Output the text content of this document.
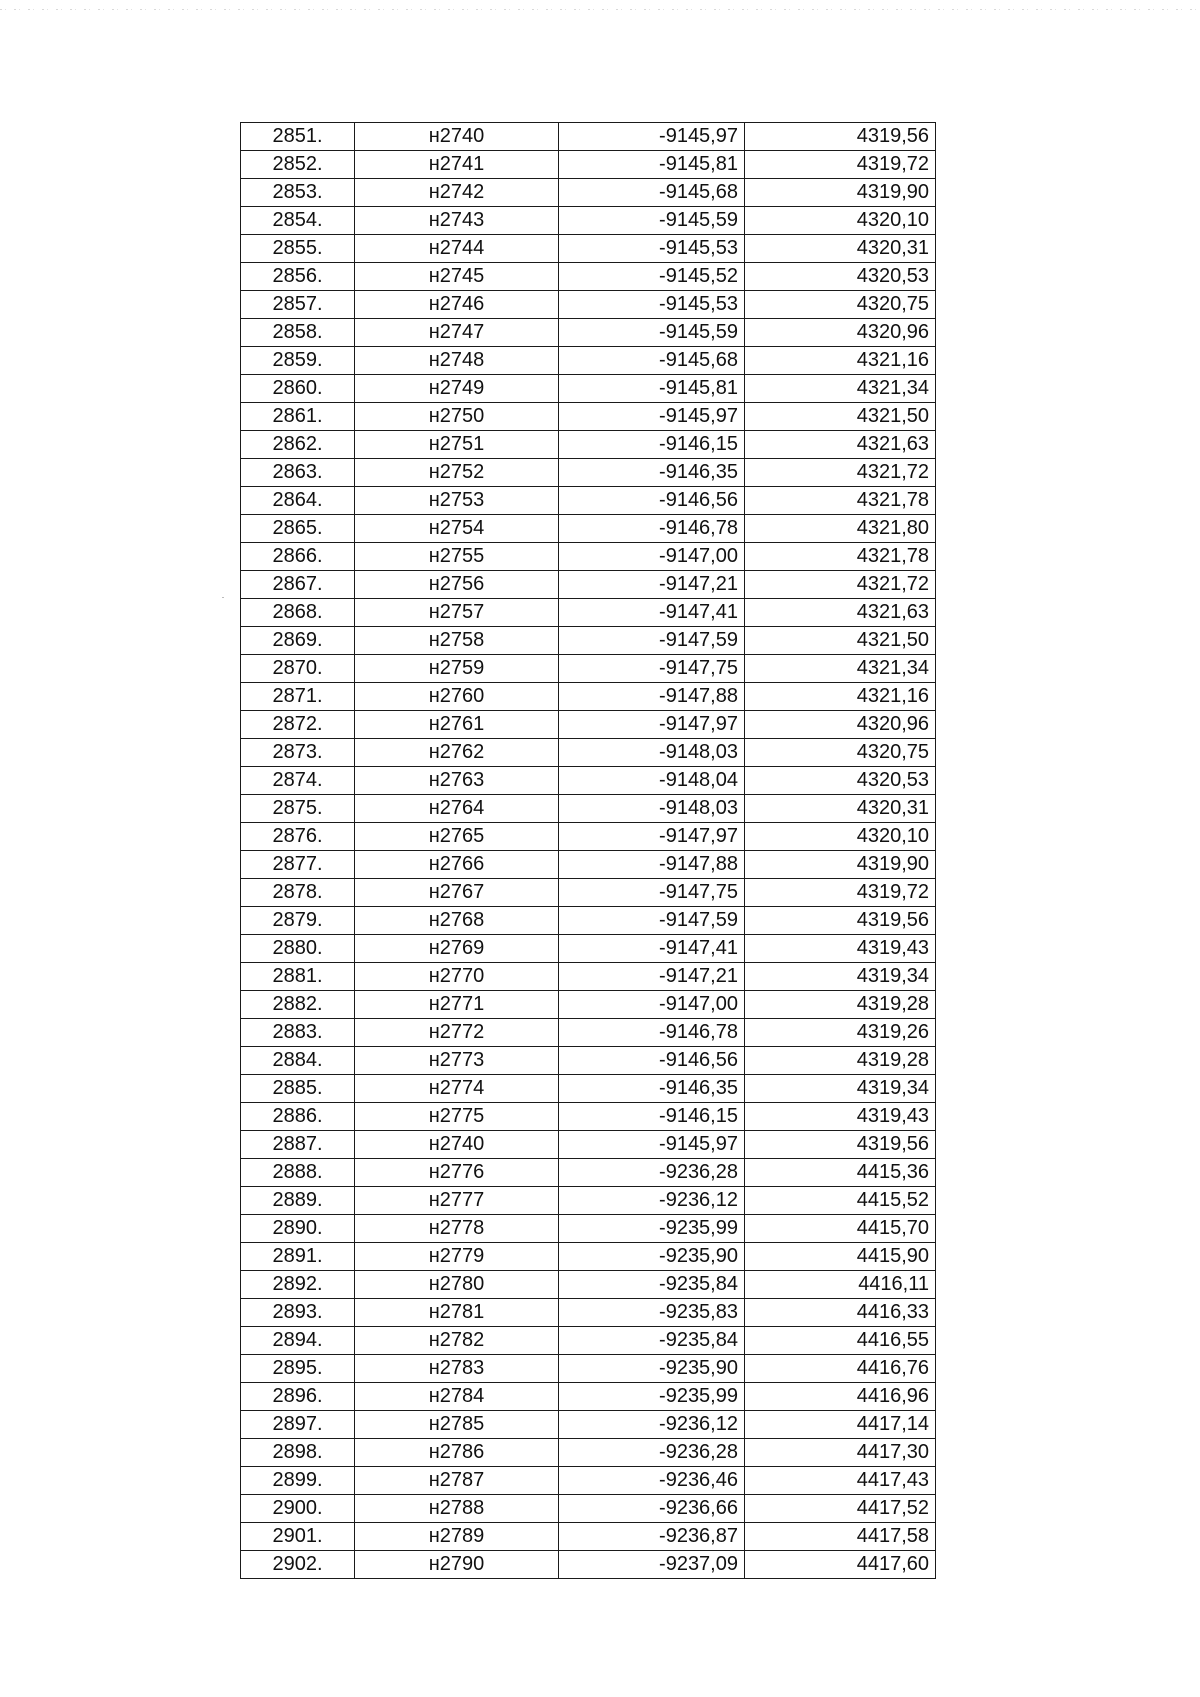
2851.	н2740	-9145,97	4319,56
2852.	н2741	-9145,81	4319,72
2853.	н2742	-9145,68	4319,90
2854.	н2743	-9145,59	4320,10
2855.	н2744	-9145,53	4320,31
2856.	н2745	-9145,52	4320,53
2857.	н2746	-9145,53	4320,75
2858.	н2747	-9145,59	4320,96
2859.	н2748	-9145,68	4321,16
2860.	н2749	-9145,81	4321,34
2861.	н2750	-9145,97	4321,50
2862.	н2751	-9146,15	4321,63
2863.	н2752	-9146,35	4321,72
2864.	н2753	-9146,56	4321,78
2865.	н2754	-9146,78	4321,80
2866.	н2755	-9147,00	4321,78
2867.	н2756	-9147,21	4321,72
2868.	н2757	-9147,41	4321,63
2869.	н2758	-9147,59	4321,50
2870.	н2759	-9147,75	4321,34
2871.	н2760	-9147,88	4321,16
2872.	н2761	-9147,97	4320,96
2873.	н2762	-9148,03	4320,75
2874.	н2763	-9148,04	4320,53
2875.	н2764	-9148,03	4320,31
2876.	н2765	-9147,97	4320,10
2877.	н2766	-9147,88	4319,90
2878.	н2767	-9147,75	4319,72
2879.	н2768	-9147,59	4319,56
2880.	н2769	-9147,41	4319,43
2881.	н2770	-9147,21	4319,34
2882.	н2771	-9147,00	4319,28
2883.	н2772	-9146,78	4319,26
2884.	н2773	-9146,56	4319,28
2885.	н2774	-9146,35	4319,34
2886.	н2775	-9146,15	4319,43
2887.	н2740	-9145,97	4319,56
2888.	н2776	-9236,28	4415,36
2889.	н2777	-9236,12	4415,52
2890.	н2778	-9235,99	4415,70
2891.	н2779	-9235,90	4415,90
2892.	н2780	-9235,84	4416,11
2893.	н2781	-9235,83	4416,33
2894.	н2782	-9235,84	4416,55
2895.	н2783	-9235,90	4416,76
2896.	н2784	-9235,99	4416,96
2897.	н2785	-9236,12	4417,14
2898.	н2786	-9236,28	4417,30
2899.	н2787	-9236,46	4417,43
2900.	н2788	-9236,66	4417,52
2901.	н2789	-9236,87	4417,58
2902.	н2790	-9237,09	4417,60
